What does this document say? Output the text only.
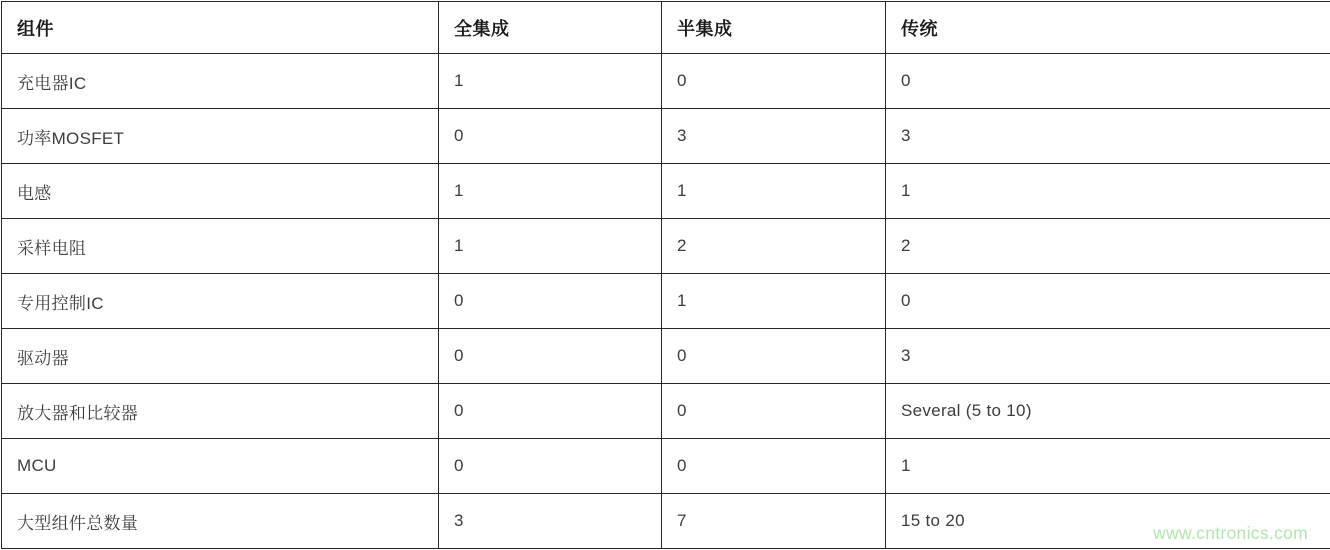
组件	全集成	半集成	传统
充电器IC	1	0	0
功率MOSFET	0	3	3
电感	1	1	1
采样电阻	1	2	2
专用控制IC	0	1	0
驱动器	0	0	3
放大器和比较器	0	0	Several (5 to 10)
MCU	0	0	1
大型组件总数量	3	7	15 to 20
www.cntronics.com
